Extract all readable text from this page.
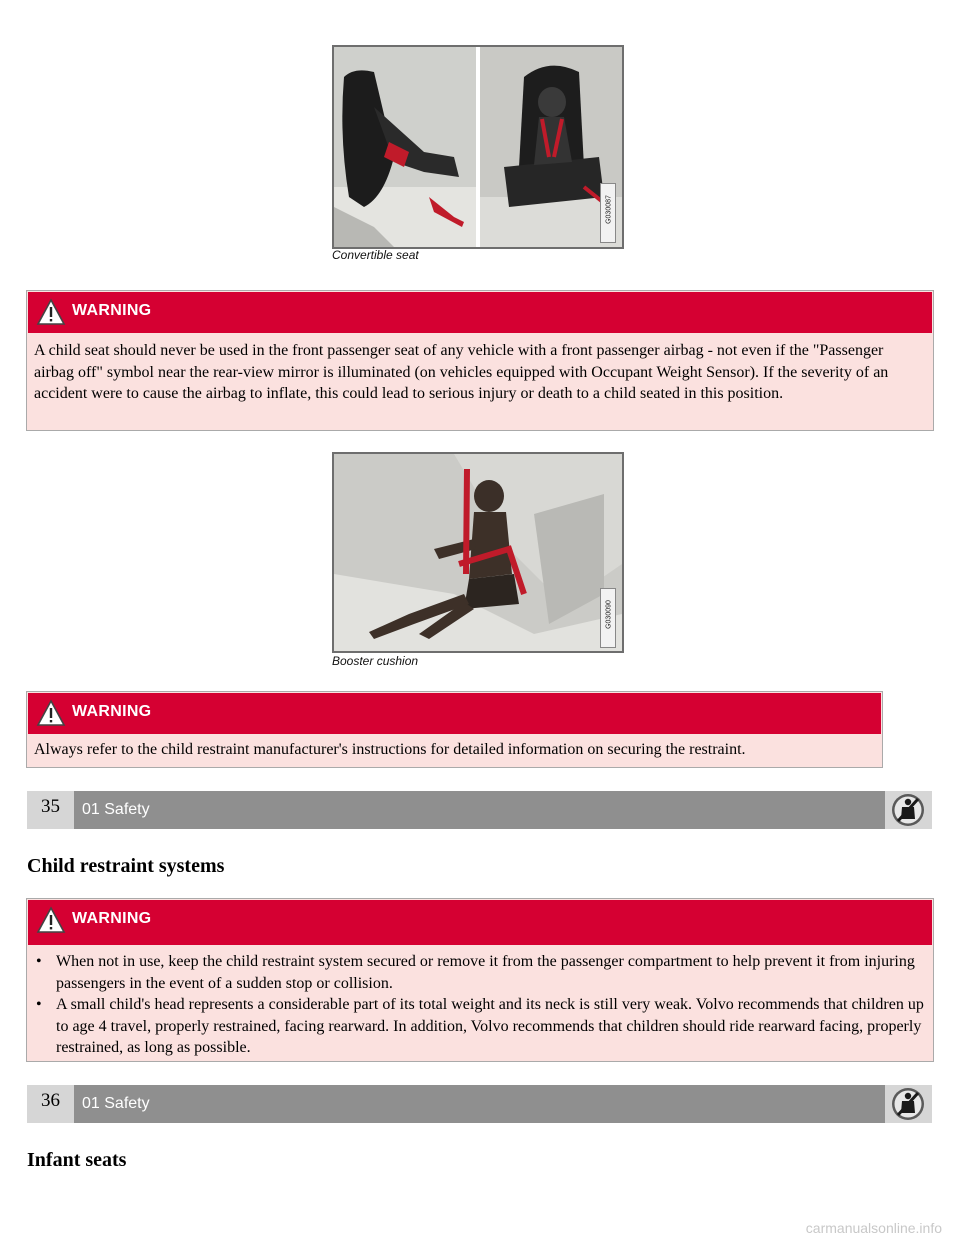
G030087
Convertible seat
WARNING
A child seat should never be used in the front passenger seat of any vehicle with a front passenger airbag - not even if the "Passenger airbag off" symbol near the rear-view mirror is illuminated (on vehicles equipped with Occupant Weight Sensor). If the severity of an accident were to cause the airbag to inflate, this could lead to serious injury or death to a child seated in this position.
G030090
Booster cushion
WARNING
Always refer to the child restraint manufacturer's instructions for detailed information on securing the restraint.
35	01 Safety
Child restraint systems
WARNING
• When not in use, keep the child restraint system secured or remove it from the passenger compartment to help prevent it from injuring passengers in the event of a sudden stop or collision.
• A small child's head represents a considerable part of its total weight and its neck is still very weak. Volvo recommends that children up to age 4 travel, properly restrained, facing rearward. In addition, Volvo recommends that children should ride rearward facing, properly restrained, as long as possible.
36	01 Safety
Infant seats
carmanualsonline.info
